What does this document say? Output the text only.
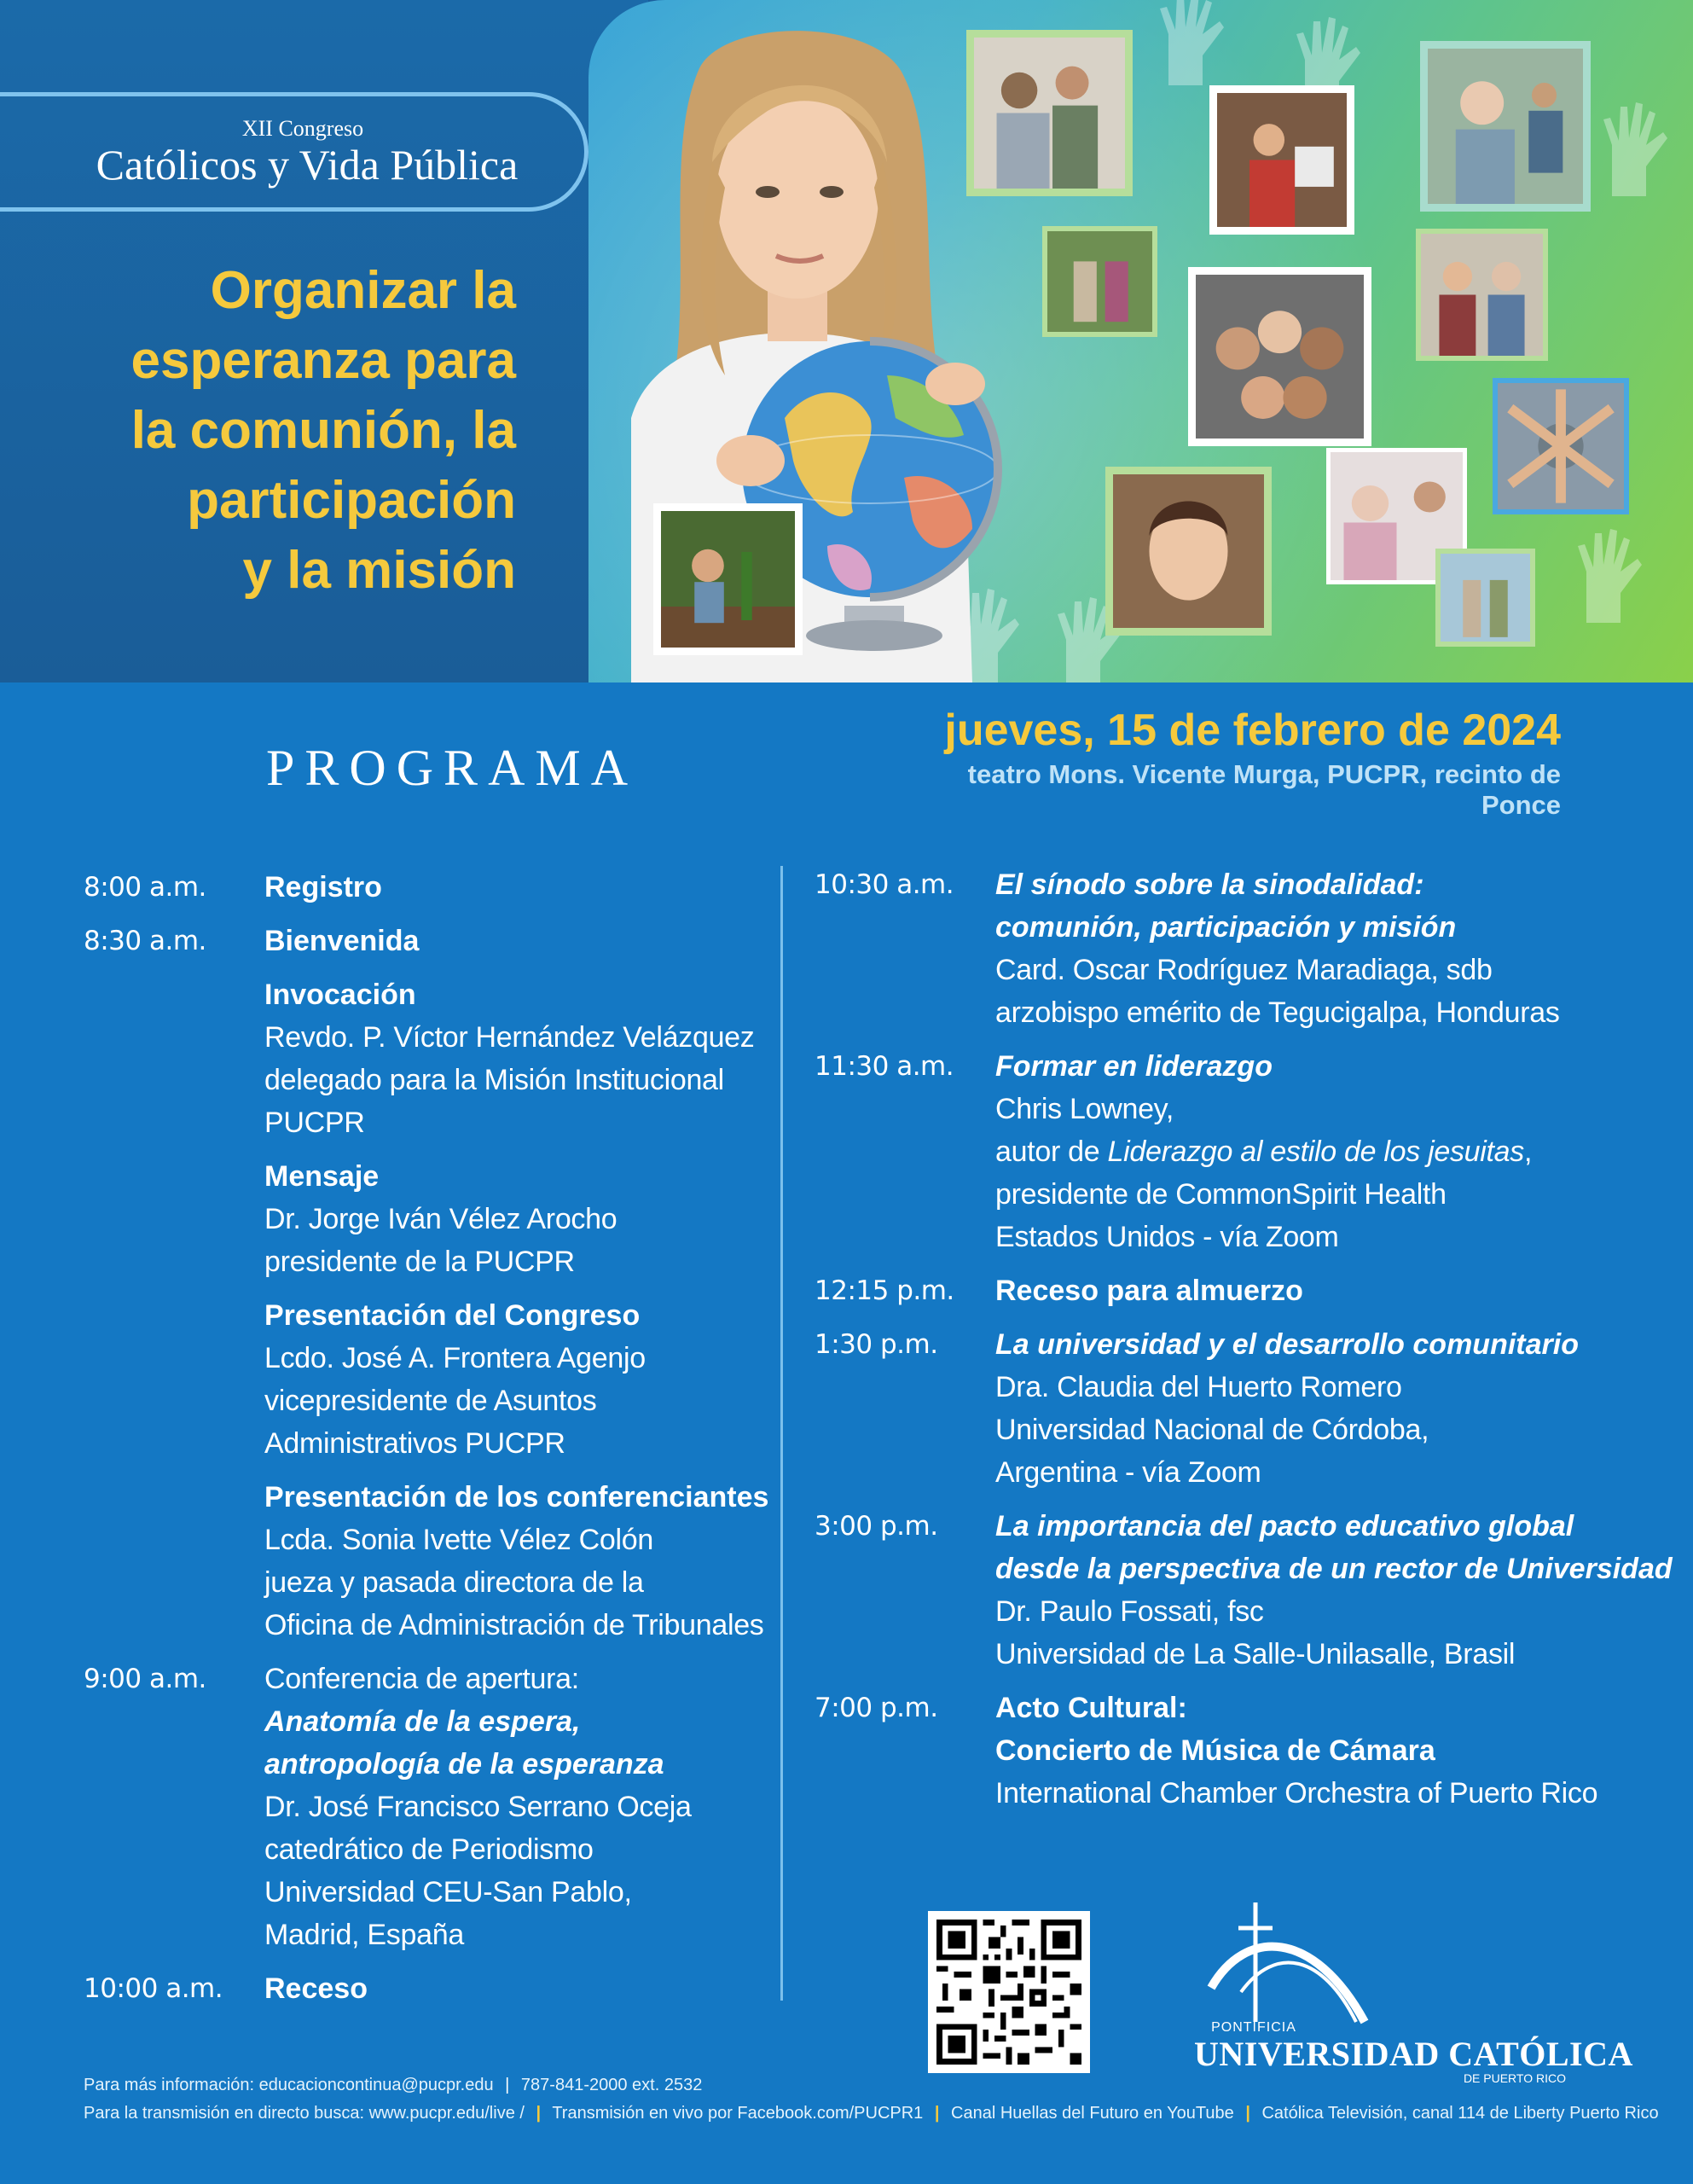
XII Congreso
Católicos y Vida Pública
Organizar la
esperanza para
la comunión, la
participación
y la misión
PROGRAMA
jueves, 15 de febrero de 2024
teatro Mons. Vicente Murga, PUCPR, recinto de Ponce
8:00 a.m.	Registro
8:30 a.m.	Bienvenida
Invocación
Revdo. P. Víctor Hernández Velázquez
delegado para la Misión Institucional
PUCPR
Mensaje
Dr. Jorge Iván Vélez Arocho
presidente de la PUCPR
Presentación del Congreso
Lcdo. José A. Frontera Agenjo
vicepresidente de Asuntos
Administrativos PUCPR
Presentación de los conferenciantes
Lcda. Sonia Ivette Vélez Colón
jueza y pasada directora de la
Oficina de Administración de Tribunales
9:00 a.m.	Conferencia de apertura:
Anatomía de la espera,
antropología de la esperanza
Dr. José Francisco Serrano Oceja
catedrático de Periodismo
Universidad CEU-San Pablo,
Madrid, España
10:00 a.m.	Receso
10:30 a.m.	El sínodo sobre la sinodalidad:
comunión, participación y misión
Card. Oscar Rodríguez Maradiaga, sdb
arzobispo emérito de Tegucigalpa, Honduras
11:30 a.m.	Formar en liderazgo
Chris Lowney,
autor de Liderazgo al estilo de los jesuitas,
presidente de CommonSpirit Health
Estados Unidos - vía Zoom
12:15 p.m.	Receso para almuerzo
1:30 p.m.	La universidad y el desarrollo comunitario
Dra. Claudia del Huerto Romero
Universidad Nacional de Córdoba,
Argentina - vía Zoom
3:00 p.m.	La importancia del pacto educativo global
desde la perspectiva de un rector de Universidad
Dr. Paulo Fossati, fsc
Universidad de La Salle-Unilasalle, Brasil
7:00 p.m.	Acto Cultural:
Concierto de Música de Cámara
International Chamber Orchestra of Puerto Rico
PONTIFICIA
UNIVERSIDAD CATÓLICA
DE PUERTO RICO
Para más información: educacioncontinua@pucpr.edu | 787-841-2000 ext. 2532
Para la transmisión en directo busca: www.pucpr.edu/live / | Transmisión en vivo por Facebook.com/PUCPR1 | Canal Huellas del Futuro en YouTube | Católica Televisión, canal 114 de Liberty Puerto Rico
